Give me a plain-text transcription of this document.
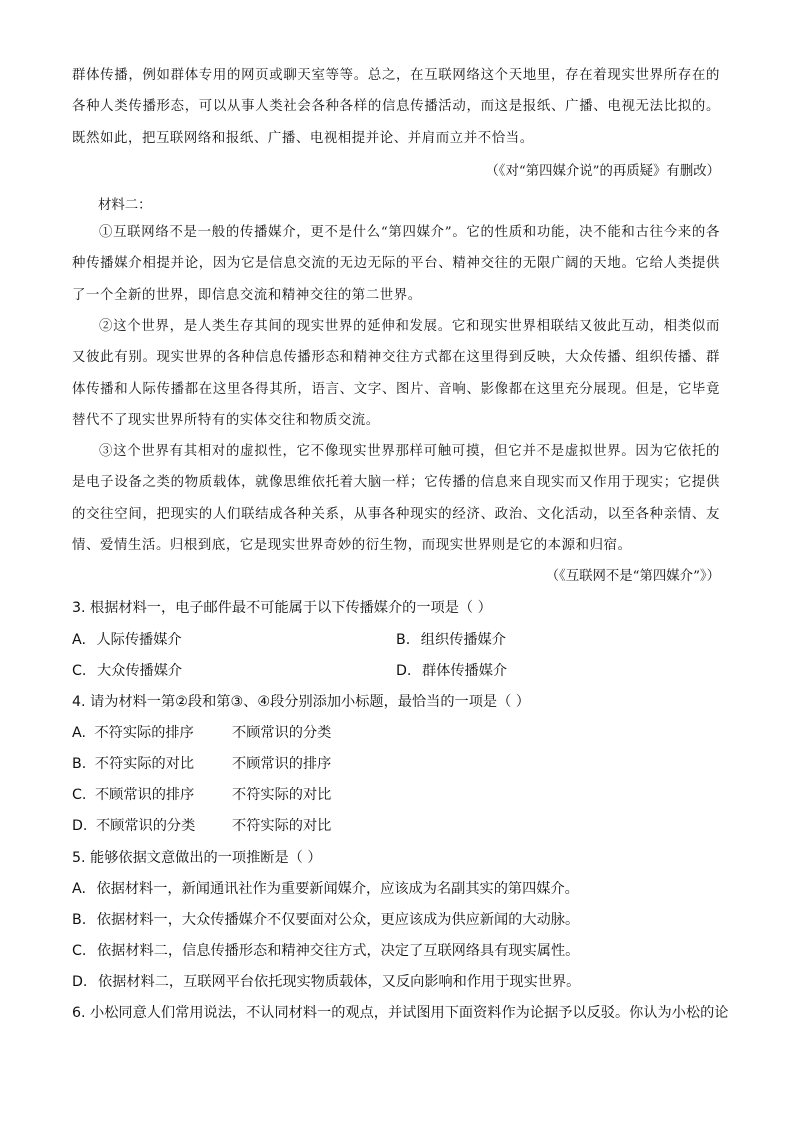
群体传播，例如群体专用的网页或聊天室等等。总之，在互联网络这个天地里，存在着现实世界所存在的各种人类传播形态，可以从事人类社会各种各样的信息传播活动，而这是报纸、广播、电视无法比拟的。既然如此，把互联网络和报纸、广播、电视相提并论、并肩而立并不恰当。

（《对“第四媒介说”的再质疑》有删改）

材料二：

①互联网络不是一般的传播媒介，更不是什么“第四媒介”。它的性质和功能，决不能和古往今来的各种传播媒介相提并论，因为它是信息交流的无边无际的平台、精神交往的无限广阔的天地。它给人类提供了一个全新的世界，即信息交流和精神交往的第二世界。

②这个世界，是人类生存其间的现实世界的延伸和发展。它和现实世界相联结又彼此互动，相类似而又彼此有别。现实世界的各种信息传播形态和精神交往方式都在这里得到反映，大众传播、组织传播、群体传播和人际传播都在这里各得其所，语言、文字、图片、音响、影像都在这里充分展现。但是，它毕竟替代不了现实世界所特有的实体交往和物质交流。

③这个世界有其相对的虚拟性，它不像现实世界那样可触可摸，但它并不是虚拟世界。因为它依托的是电子设备之类的物质载体，就像思维依托着大脑一样；它传播的信息来自现实而又作用于现实；它提供的交往空间，把现实的人们联结成各种关系，从事各种现实的经济、政治、文化活动，以至各种亲情、友情、爱情生活。归根到底，它是现实世界奇妙的衍生物，而现实世界则是它的本源和归宿。

（《互联网不是“第四媒介”》）

3. 根据材料一，电子邮件最不可能属于以下传播媒介的一项是（ ）

A. 人际传播媒介	B. 组织传播媒介
C. 大众传播媒介	D. 群体传播媒介

4. 请为材料一第②段和第③、④段分别添加小标题，最恰当的一项是（ ）

A. 不符实际的排序	不顾常识的分类
B. 不符实际的对比	不顾常识的排序
C. 不顾常识的排序	不符实际的对比
D. 不顾常识的分类	不符实际的对比

5. 能够依据文意做出的一项推断是（ ）

A. 依据材料一，新闻通讯社作为重要新闻媒介，应该成为名副其实的第四媒介。
B. 依据材料一，大众传播媒介不仅要面对公众，更应该成为供应新闻的大动脉。
C. 依据材料二，信息传播形态和精神交往方式，决定了互联网络具有现实属性。
D. 依据材料二，互联网平台依托现实物质载体，又反向影响和作用于现实世界。

6. 小松同意人们常用说法，不认同材料一的观点，并试图用下面资料作为论据予以反驳。你认为小松的论
